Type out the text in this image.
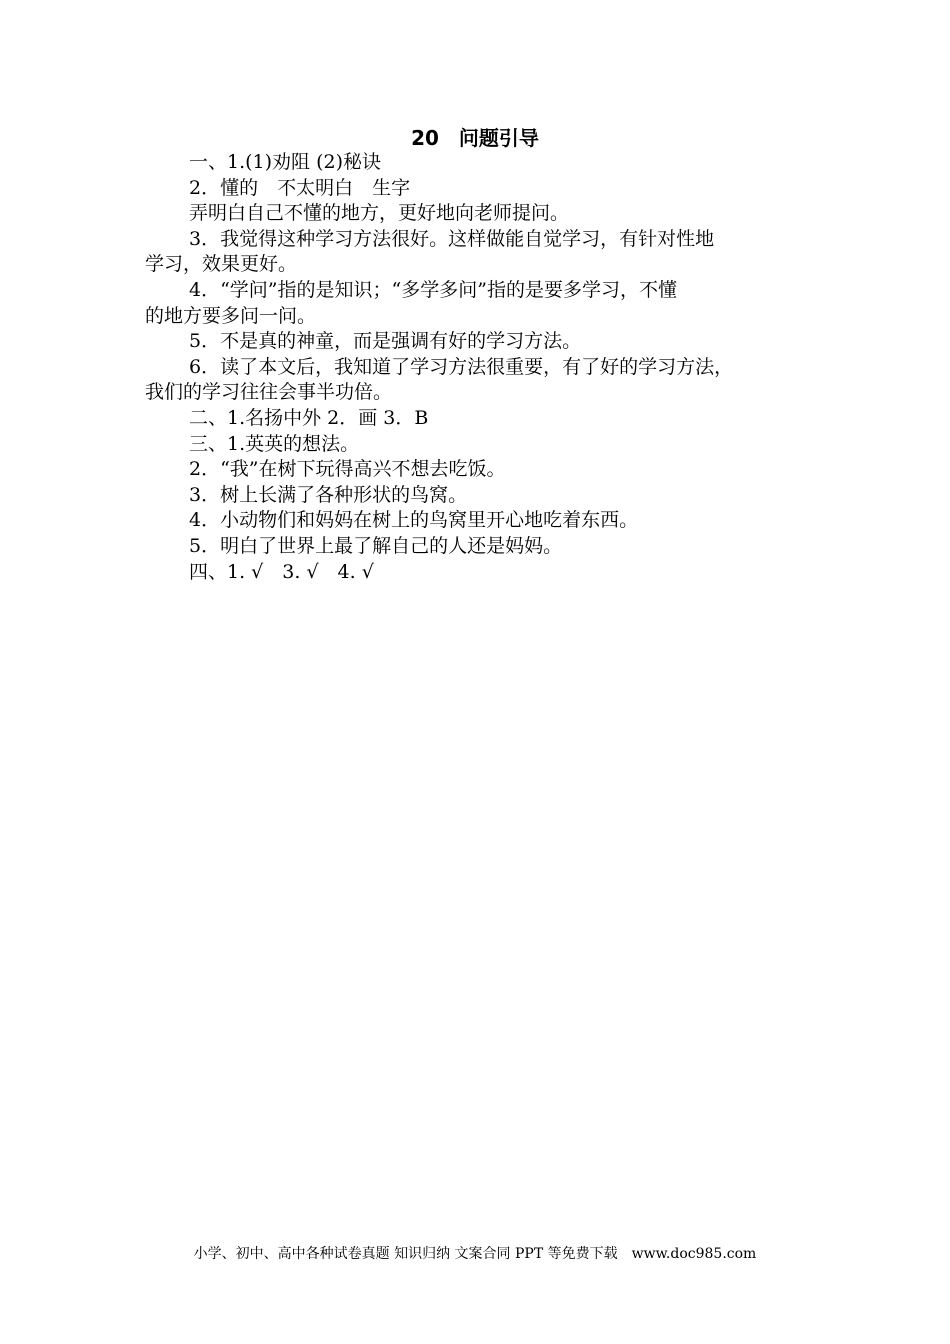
20　问题引导
一、1.(1)劝阻 (2)秘诀
2．懂的　不太明白　生字
弄明白自己不懂的地方，更好地向老师提问。
3．我觉得这种学习方法很好。这样做能自觉学习，有针对性地
学习，效果更好。
4．“学问”指的是知识；“多学多问”指的是要多学习，不懂
的地方要多问一问。
5．不是真的神童，而是强调有好的学习方法。
6．读了本文后，我知道了学习方法很重要，有了好的学习方法，
我们的学习往往会事半功倍。
二、1.名扬中外 2．画 3．B
三、1.英英的想法。
2．“我”在树下玩得高兴不想去吃饭。
3．树上长满了各种形状的鸟窝。
4．小动物们和妈妈在树上的鸟窝里开心地吃着东西。
5．明白了世界上最了解自己的人还是妈妈。
四、1. √　3. √　4. √
小学、初中、高中各种试卷真题 知识归纳 文案合同 PPT 等免费下载　www.doc985.com
